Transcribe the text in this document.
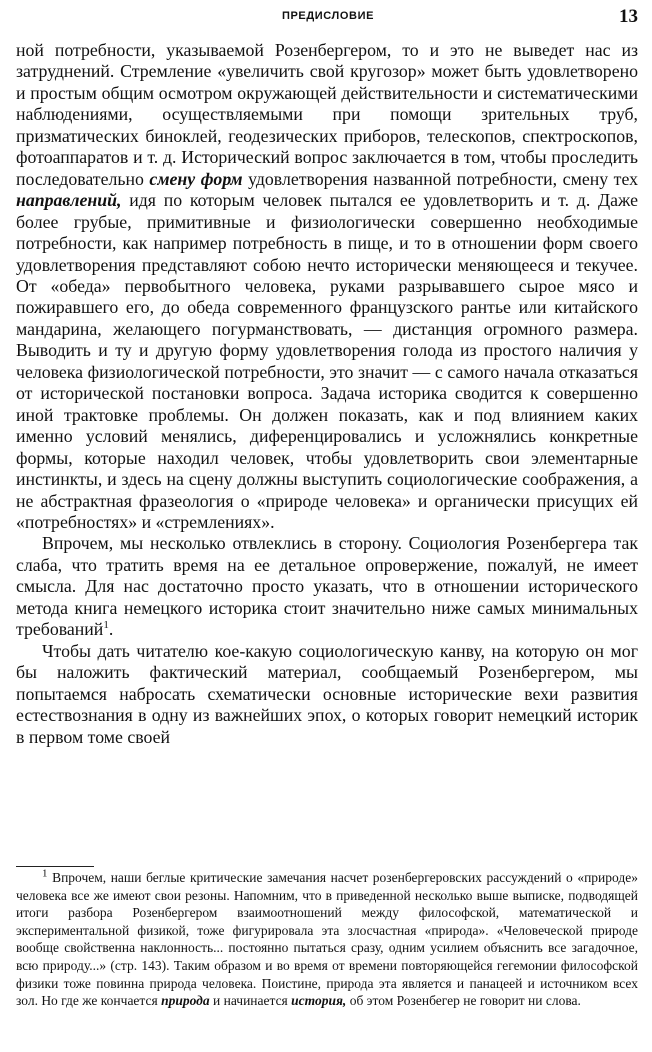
ПРЕДИСЛОВИЕ	13

ной потребности, указываемой Розенбергером, то и это не выведет нас из затруднений. Стремление «увеличить свой кругозор» может быть удовлетворено и простым общим осмотром окружающей действительности и систематическими наблюдениями, осуществляемыми при помощи зрительных труб, призматических биноклей, геодезических приборов, телескопов, спектроскопов, фотоаппаратов и т. д. Исторический вопрос заключается в том, чтобы проследить последовательно смену форм удовлетворения названной потребности, смену тех направлений, идя по которым человек пытался ее удовлетворить и т. д. Даже более грубые, примитивные и физиологически совершенно необходимые потребности, как например потребность в пище, и то в отношении форм своего удовлетворения представляют собою нечто исторически меняющееся и текучее. От «обеда» первобытного человека, руками разрывавшего сырое мясо и пожиравшего его, до обеда современного французского рантье или китайского мандарина, желающего погурманствовать, — дистанция огромного размера. Выводить и ту и другую форму удовлетворения голода из простого наличия у человека физиологической потребности, это значит — с самого начала отказаться от исторической постановки вопроса. Задача историка сводится к совершенно иной трактовке проблемы. Он должен показать, как и под влиянием каких именно условий менялись, диференцировались и усложнялись конкретные формы, которые находил человек, чтобы удовлетворить свои элементарные инстинкты, и здесь на сцену должны выступить социологические соображения, а не абстрактная фразеология о «природе человека» и органически присущих ей «потребностях» и «стремлениях».

Впрочем, мы несколько отвлеклись в сторону. Социология Розенбергера так слаба, что тратить время на ее детальное опровержение, пожалуй, не имеет смысла. Для нас достаточно просто указать, что в отношении исторического метода книга немецкого историка стоит значительно ниже самых минимальных требований$^1$.

Чтобы дать читателю кое-какую социологическую канву, на которую он мог бы наложить фактический материал, сообщаемый Розенбергером, мы попытаемся набросать схематически основные исторические вехи развития естествознания в одну из важнейших эпох, о которых говорит немецкий историк в первом томе своей

$^1$ Впрочем, наши беглые критические замечания насчет розенбергеровских рассуждений о «природе» человека все же имеют свои резоны. Напомним, что в приведенной несколько выше выписке, подводящей итоги разбора Розенбергером взаимоотношений между философской, математической и экспериментальной физикой, тоже фигурировала эта злосчастная «природа». «Человеческой природе вообще свойственна наклонность... постоянно пытаться сразу, одним усилием объяснить все загадочное, всю природу...» (стр. 143). Таким образом и во время от времени повторяющейся гегемонии философской физики тоже повинна природа человека. Поистине, природа эта является и панацеей и источником всех зол. Но где же кончается природа и начинается история, об этом Розенбегер не говорит ни слова.
